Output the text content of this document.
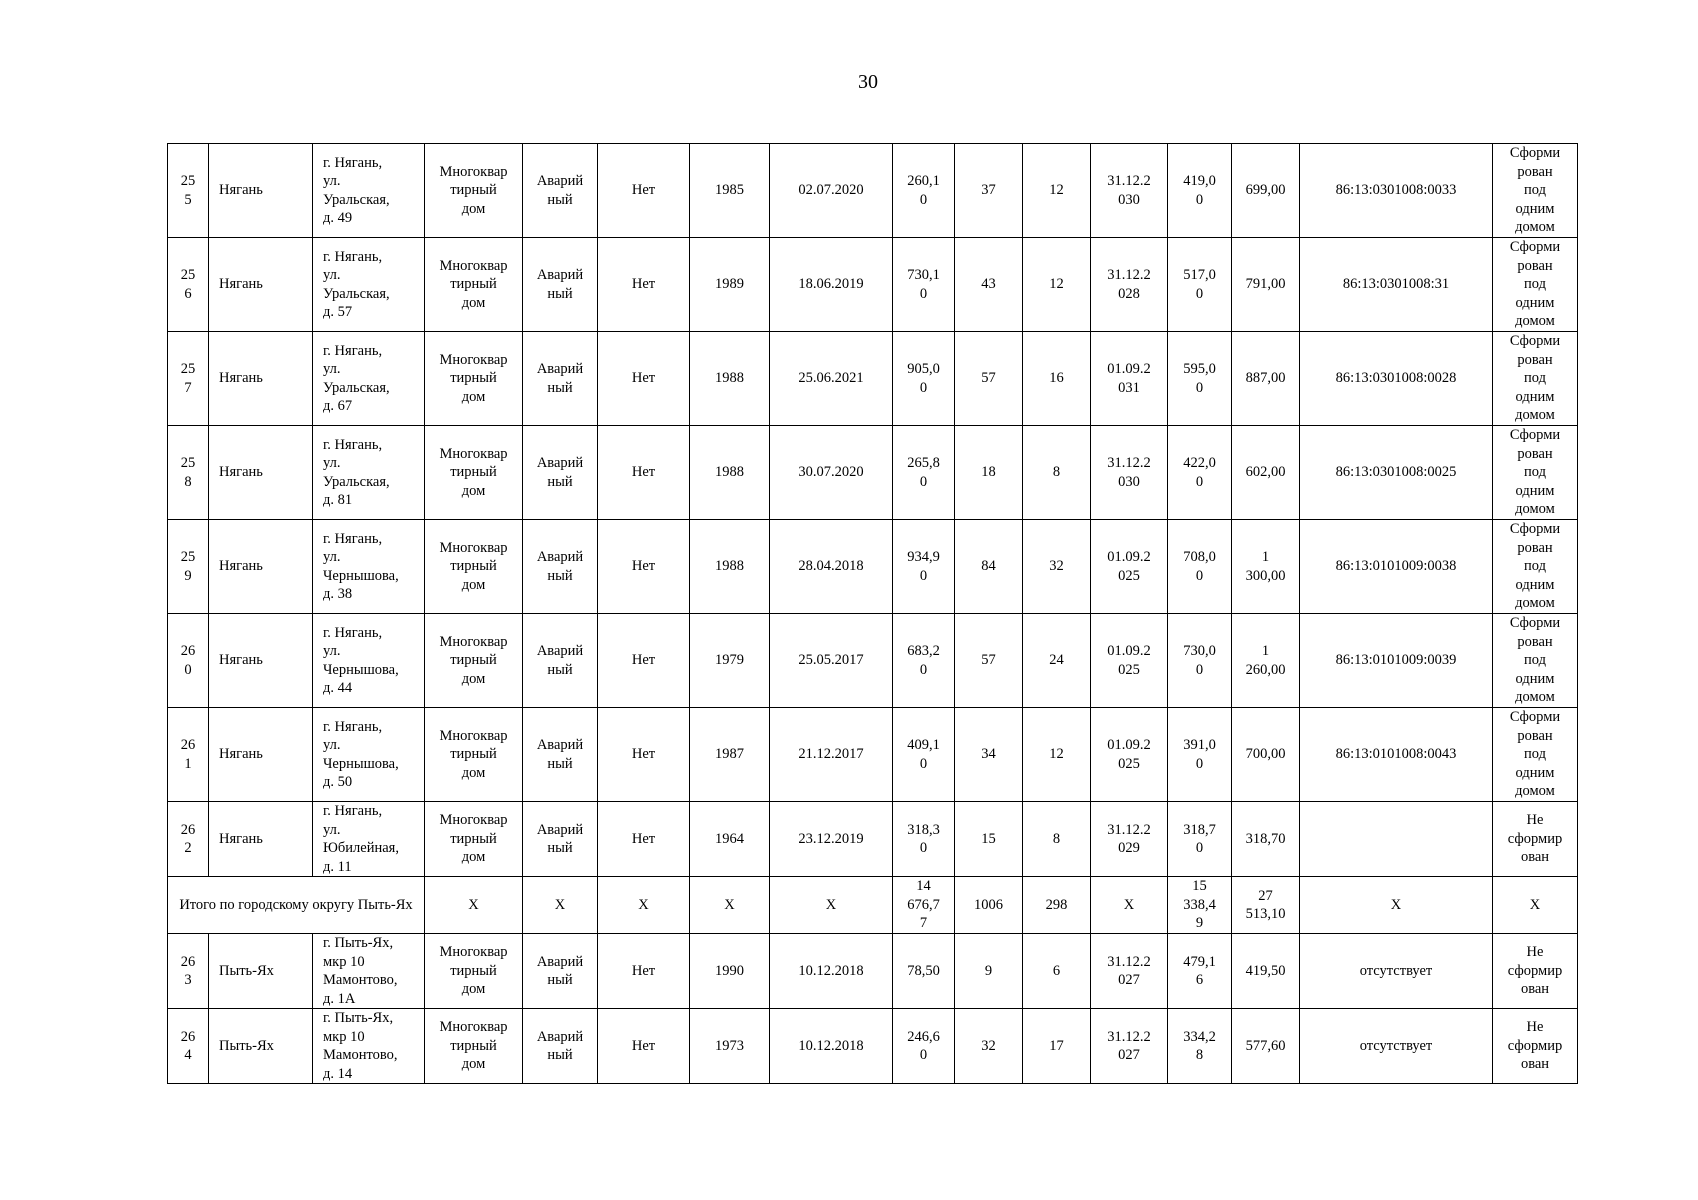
30
25
5	Нягань	г. Нягань,
ул.
Уральская,
д. 49	Многоквар
тирный
дом	Аварий
ный	Нет	1985	02.07.2020	260,1
0	37	12	31.12.2
030	419,0
0	699,00	86:13:0301008:0033	Сформи
рован
под
одним
домом
25
6	Нягань	г. Нягань,
ул.
Уральская,
д. 57	Многоквар
тирный
дом	Аварий
ный	Нет	1989	18.06.2019	730,1
0	43	12	31.12.2
028	517,0
0	791,00	86:13:0301008:31	Сформи
рован
под
одним
домом
25
7	Нягань	г. Нягань,
ул.
Уральская,
д. 67	Многоквар
тирный
дом	Аварий
ный	Нет	1988	25.06.2021	905,0
0	57	16	01.09.2
031	595,0
0	887,00	86:13:0301008:0028	Сформи
рован
под
одним
домом
25
8	Нягань	г. Нягань,
ул.
Уральская,
д. 81	Многоквар
тирный
дом	Аварий
ный	Нет	1988	30.07.2020	265,8
0	18	8	31.12.2
030	422,0
0	602,00	86:13:0301008:0025	Сформи
рован
под
одним
домом
25
9	Нягань	г. Нягань,
ул.
Чернышова,
д. 38	Многоквар
тирный
дом	Аварий
ный	Нет	1988	28.04.2018	934,9
0	84	32	01.09.2
025	708,0
0	1
300,00	86:13:0101009:0038	Сформи
рован
под
одним
домом
26
0	Нягань	г. Нягань,
ул.
Чернышова,
д. 44	Многоквар
тирный
дом	Аварий
ный	Нет	1979	25.05.2017	683,2
0	57	24	01.09.2
025	730,0
0	1
260,00	86:13:0101009:0039	Сформи
рован
под
одним
домом
26
1	Нягань	г. Нягань,
ул.
Чернышова,
д. 50	Многоквар
тирный
дом	Аварий
ный	Нет	1987	21.12.2017	409,1
0	34	12	01.09.2
025	391,0
0	700,00	86:13:0101008:0043	Сформи
рован
под
одним
домом
26
2	Нягань	г. Нягань,
ул.
Юбилейная,
д. 11	Многоквар
тирный
дом	Аварий
ный	Нет	1964	23.12.2019	318,3
0	15	8	31.12.2
029	318,7
0	318,70		Не
сформир
ован
Итого по городскому округу Пыть-Ях			Х	Х	Х	Х	Х	14
676,7
7	1006	298	Х	15
338,4
9	27
513,10	Х	Х
26
3	Пыть-Ях	г. Пыть-Ях,
мкр 10
Мамонтово,
д. 1А	Многоквар
тирный
дом	Аварий
ный	Нет	1990	10.12.2018	78,50	9	6	31.12.2
027	479,1
6	419,50	отсутствует	Не
сформир
ован
26
4	Пыть-Ях	г. Пыть-Ях,
мкр 10
Мамонтово,
д. 14	Многоквар
тирный
дом	Аварий
ный	Нет	1973	10.12.2018	246,6
0	32	17	31.12.2
027	334,2
8	577,60	отсутствует	Не
сформир
ован
